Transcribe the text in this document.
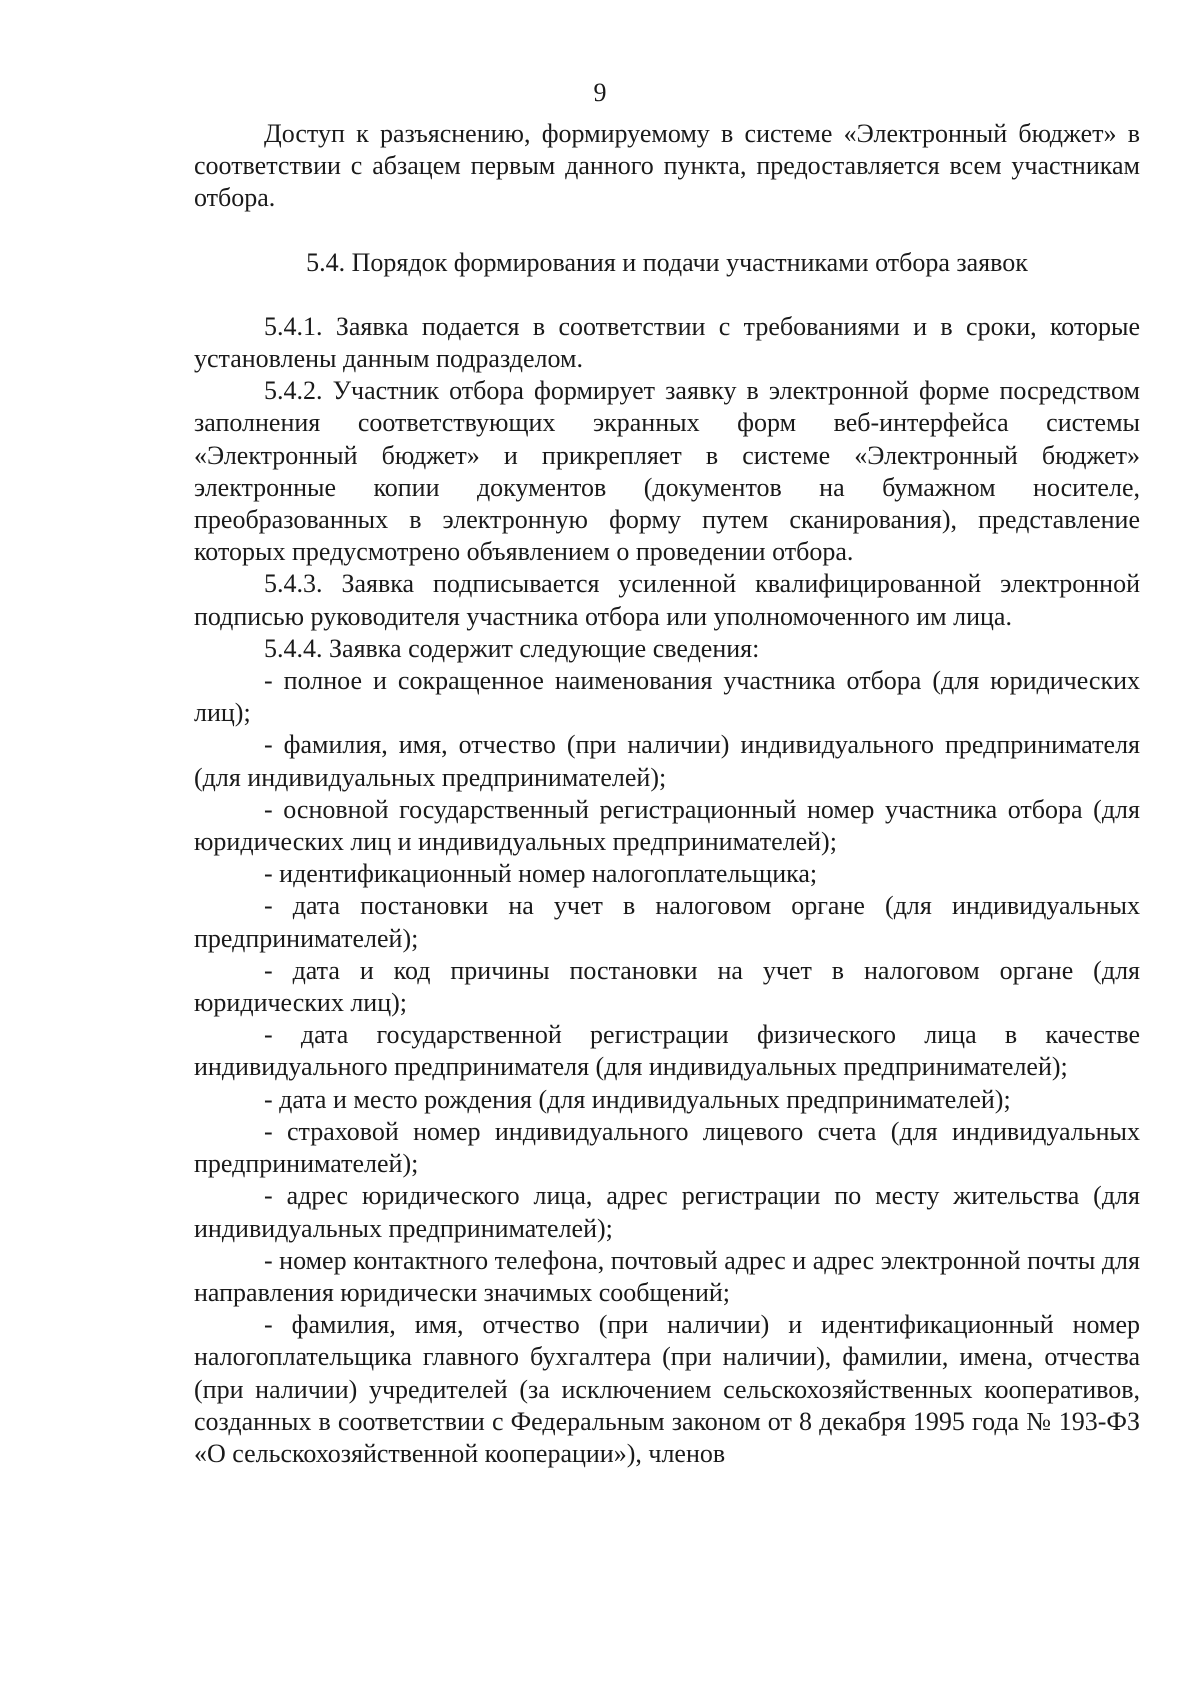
9

Доступ к разъяснению, формируемому в системе «Электронный бюджет» в соответствии с абзацем первым данного пункта, предоставляется всем участникам отбора.

5.4. Порядок формирования и подачи участниками отбора заявок

5.4.1. Заявка подается в соответствии с требованиями и в сроки, которые установлены данным подразделом.

5.4.2. Участник отбора формирует заявку в электронной форме посредством заполнения соответствующих экранных форм веб-интерфейса системы «Электронный бюджет» и прикрепляет в системе «Электронный бюджет» электронные копии документов (документов на бумажном носителе, преобразованных в электронную форму путем сканирования), представление которых предусмотрено объявлением о проведении отбора.

5.4.3. Заявка подписывается усиленной квалифицированной электронной подписью руководителя участника отбора или уполномоченного им лица.

5.4.4. Заявка содержит следующие сведения:

- полное и сокращенное наименования участника отбора (для юридических лиц);

- фамилия, имя, отчество (при наличии) индивидуального предпринимателя (для индивидуальных предпринимателей);

- основной государственный регистрационный номер участника отбора (для юридических лиц и индивидуальных предпринимателей);

- идентификационный номер налогоплательщика;

- дата постановки на учет в налоговом органе (для индивидуальных предпринимателей);

- дата и код причины постановки на учет в налоговом органе (для юридических лиц);

- дата государственной регистрации физического лица в качестве индивидуального предпринимателя (для индивидуальных предпринимателей);

- дата и место рождения (для индивидуальных предпринимателей);

- страховой номер индивидуального лицевого счета (для индивидуальных предпринимателей);

- адрес юридического лица, адрес регистрации по месту жительства (для индивидуальных предпринимателей);

- номер контактного телефона, почтовый адрес и адрес электронной почты для направления юридически значимых сообщений;

- фамилия, имя, отчество (при наличии) и идентификационный номер налогоплательщика главного бухгалтера (при наличии), фамилии, имена, отчества (при наличии) учредителей (за исключением сельскохозяйственных кооперативов, созданных в соответствии с Федеральным законом от 8 декабря 1995 года № 193-ФЗ «О сельскохозяйственной кооперации»), членов
